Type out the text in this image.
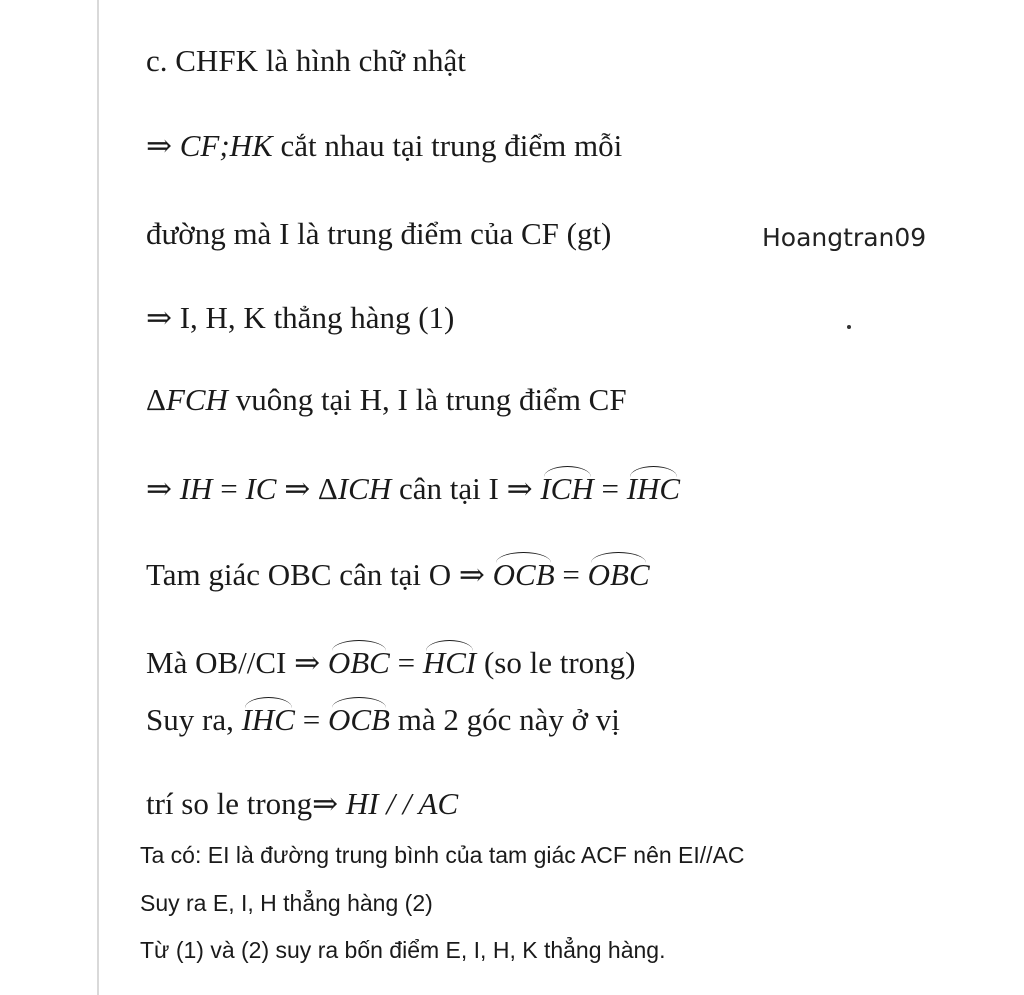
c. CHFK là hình chữ nhật
⇒ CF;HK cắt nhau tại trung điểm mỗi
đường mà I là trung điểm của CF (gt)	Hoangtran09
⇒ I, H, K thẳng hàng (1)
ΔFCH vuông tại H, I là trung điểm CF
⇒ IH = IC ⇒ ΔICH cân tại I ⇒ ICH = IHC
Tam giác OBC cân tại O ⇒ OCB = OBC
Mà OB//CI ⇒ OBC = HCI (so le trong)
Suy ra, IHC = OCB mà 2 góc này ở vị
trí so le trong⇒ HI / / AC
Ta có: EI là đường trung bình của tam giác ACF nên EI//AC
Suy ra E, I, H thẳng hàng (2)
Từ (1) và (2) suy ra bốn điểm E, I, H, K thẳng hàng.
